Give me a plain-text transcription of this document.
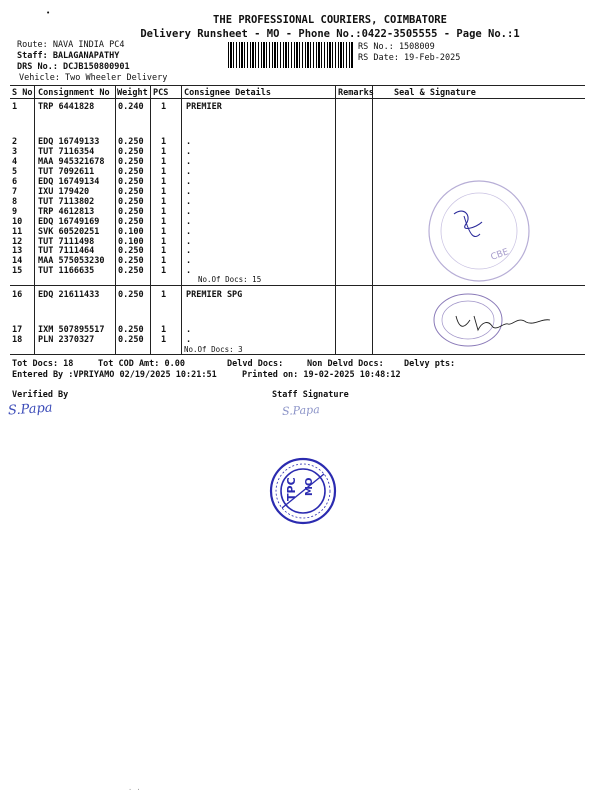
•
THE PROFESSIONAL COURIERS, COIMBATORE
Delivery Runsheet - MO - Phone No.:0422-3505555 - Page No.:1
Route: NAVA INDIA PC4
Staff: BALAGANAPATHY
DRS No.: DCJB150800901
Vehicle: Two Wheeler Delivery
RS No.: 1508009
RS Date: 19-Feb-2025
S No Consignment No Weight PCS Consignee Details	Remarks Seal & Signature
1 TRP 6441828	0.240 1 PREMIER
2 EDQ 16749133 0.250 1 .
3 TUT 7116354	0.250 1 .
4 MAA 945321678 0.250 1 .
5 TUT 7092611	0.250 1 .
6 EDQ 16749134 0.250 1 .
7 IXU 179420	0.250 1 .
8 TUT 7113802	0.250 1 .
9 TRP 4612813	0.250 1 .
10 EDQ 16749169 0.250 1 .
11 SVK 60520251 0.100 1 .
12 TUT 7111498	0.100 1 .
13 TUT 7111464	0.250 1 .
14 MAA 575053230 0.250 1 .
15 TUT 1166635	0.250 1 .
16 EDQ 21611433 0.250 1 PREMIER SPG
17 IXM 507895517 0.250 1 .
18 PLN 2370327	0.250 1 .
No.Of Docs: 15
No.Of Docs: 3
Tot Docs: 18	Tot COD Amt: 0.00	Delvd Docs:	Non Delvd Docs: Delvy pts:
Entered By :VPRIYAMO 02/19/2025 10:21:51	Printed on: 19-02-2025 10:48:12
Verified By	Staff Signature
S.Papa	S.Papa
CBE
TPC MO
· ·
